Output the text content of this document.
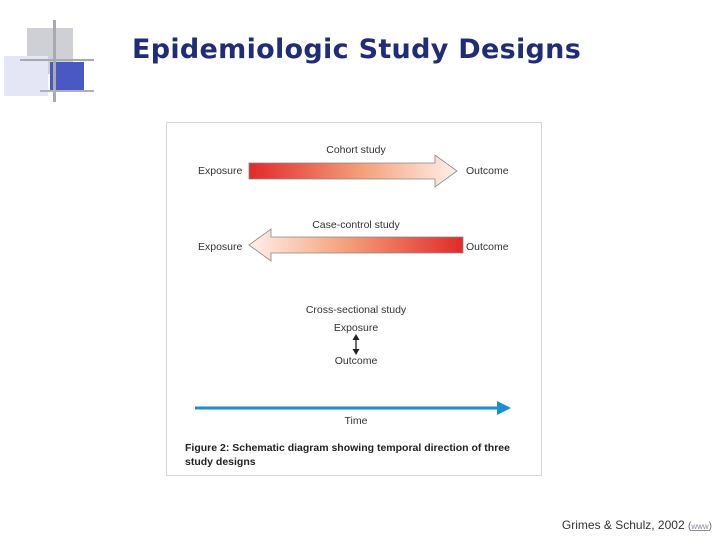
Epidemiologic Study Designs
Cohort study
Exposure	Outcome
Case-control study
Exposure	Outcome
Cross-sectional study
Exposure
Outcome
Time
Figure 2: Schematic diagram showing temporal direction of three study designs
Grimes & Schulz, 2002 (www)
